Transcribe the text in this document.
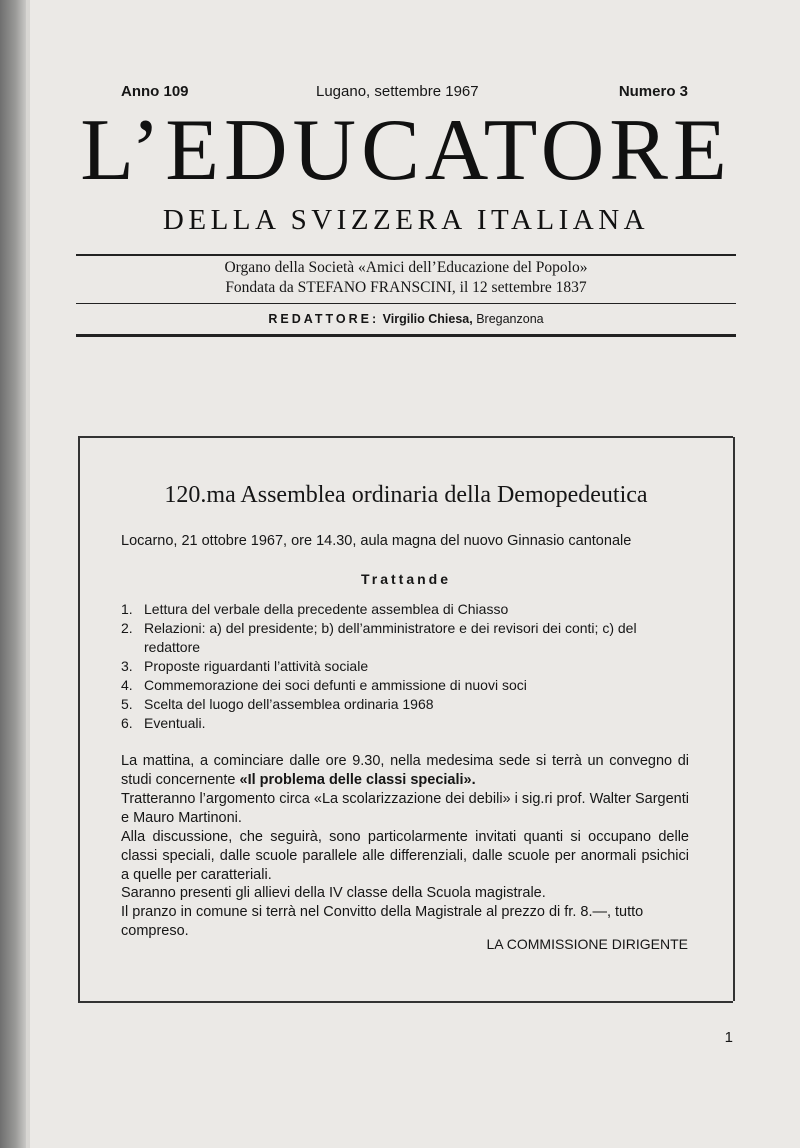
Anno 109	Lugano, settembre 1967	Numero 3
L’EDUCATORE
DELLA SVIZZERA ITALIANA
Organo della Società «Amici dell’Educazione del Popolo»
Fondata da STEFANO FRANSCINI, il 12 settembre 1837
REDATTORE: Virgilio Chiesa, Breganzona
120.ma Assemblea ordinaria della Demopedeutica
Locarno, 21 ottobre 1967, ore 14.30, aula magna del nuovo Ginnasio cantonale
Trattande
1. Lettura del verbale della precedente assemblea di Chiasso
2. Relazioni: a) del presidente; b) dell’amministratore e dei revisori dei conti; c) del redattore
3. Proposte riguardanti l’attività sociale
4. Commemorazione dei soci defunti e ammissione di nuovi soci
5. Scelta del luogo dell’assemblea ordinaria 1968
6. Eventuali.

La mattina, a cominciare dalle ore 9.30, nella medesima sede si terrà un convegno di studi concernente «Il problema delle classi speciali».

Tratteranno l’argomento circa «La scolarizzazione dei debili» i sig.ri prof. Walter Sargenti e Mauro Martinoni.

Alla discussione, che seguirà, sono particolarmente invitati quanti si occupano delle classi speciali, dalle scuole parallele alle differenziali, dalle scuole per anormali psichici a quelle per caratteriali.

Saranno presenti gli allievi della IV classe della Scuola magistrale.

Il pranzo in comune si terrà nel Convitto della Magistrale al prezzo di fr. 8.—, tutto compreso.

LA COMMISSIONE DIRIGENTE
1
